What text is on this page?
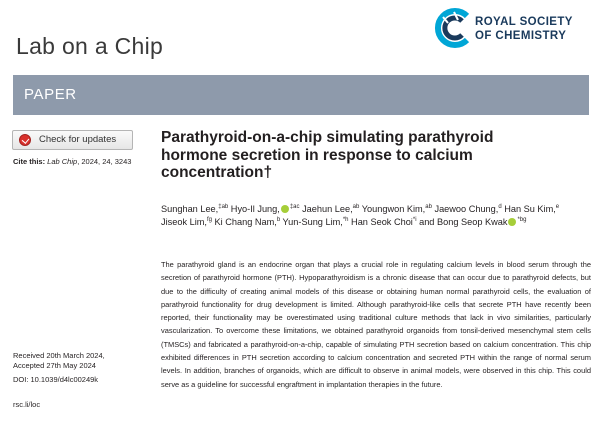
Lab on a Chip
ROYAL SOCIETY
OF CHEMISTRY
PAPER
Check for updates
Cite this: Lab Chip, 2024, 24, 3243
Parathyroid-on-a-chip simulating parathyroid hormone secretion in response to calcium concentration†
Sunghan Lee,$^{\ddagger ab}$ Hyo-Il Jung, $^{\ddagger ac}$ Jaehun Lee,$^{ab}$ Youngwon Kim,$^{ab}$ Jaewoo Chung,$^d$ Han Su Kim,$^e$ Jiseok Lim,$^{fg}$ Ki Chang Nam,$^b$ Yun-Sung Lim,$^{*h}$ Han Seok Choi$^{*i}$ and Bong Seop Kwak $^{*bg}$
The parathyroid gland is an endocrine organ that plays a crucial role in regulating calcium levels in blood serum through the secretion of parathyroid hormone (PTH). Hypoparathyroidism is a chronic disease that can occur due to parathyroid defects, but due to the difficulty of creating animal models of this disease or obtaining human normal parathyroid cells, the evaluation of parathyroid functionality for drug development is limited. Although parathyroid-like cells that secrete PTH have recently been reported, their functionality may be overestimated using traditional culture methods that lack in vivo similarities, particularly vascularization. To overcome these limitations, we obtained parathyroid organoids from tonsil-derived mesenchymal stem cells (TMSCs) and fabricated a parathyroid-on-a-chip, capable of simulating PTH secretion based on calcium concentration. This chip exhibited differences in PTH secretion according to calcium concentration and secreted PTH within the range of normal serum levels. In addition, branches of organoids, which are difficult to observe in animal models, were observed in this chip. This could serve as a guideline for successful engraftment in implantation therapies in the future.
Received 20th March 2024,
Accepted 27th May 2024
DOI: 10.1039/d4lc00249k
rsc.li/loc
